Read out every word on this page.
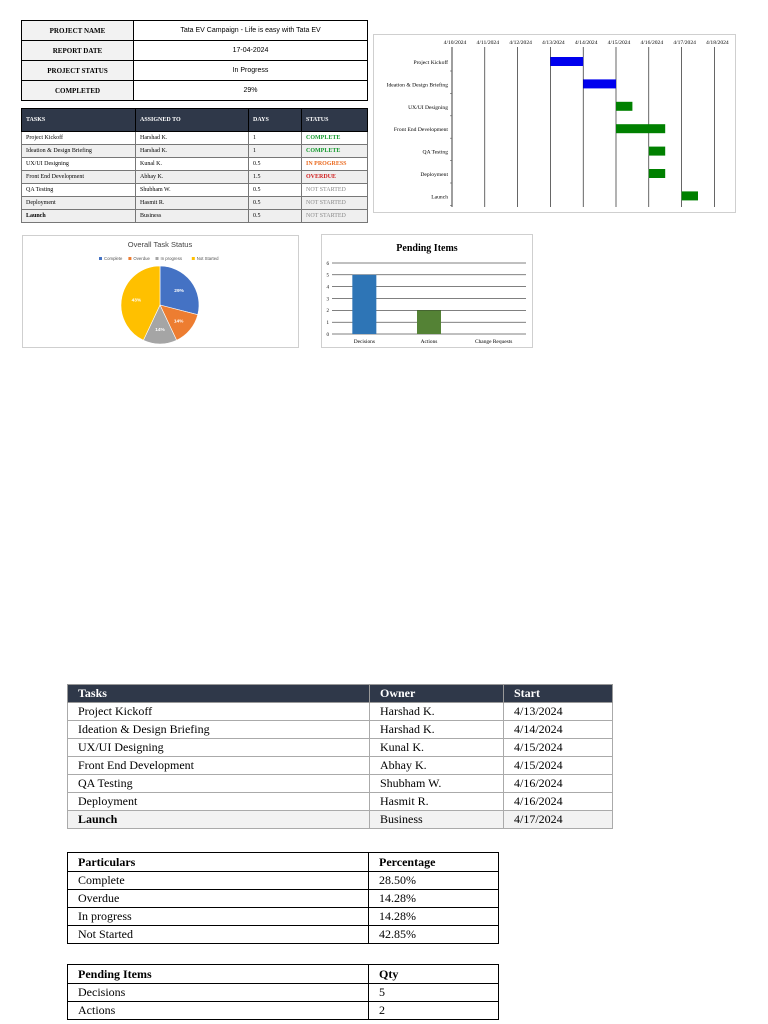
PROJECT NAME	Tata EV Campaign - Life is easy with Tata EV
REPORT DATE	17-04-2024
PROJECT STATUS	In Progress
COMPLETED	29%
TASKS	ASSIGNED TO	DAYS	STATUS
Project Kickoff	Harshad K.	1	COMPLETE
Ideation & Design Briefing	Harshad K.	1	COMPLETE
UX/UI Designing	Kunal K.	0.5	IN PROGRESS
Front End Development	Abhay K.	1.5	OVERDUE
QA Testing	Shubham W.	0.5	NOT STARTED
Deployment	Hasmit R.	0.5	NOT STARTED
Launch	Business	0.5	NOT STARTED
4/10/2024 4/11/2024 4/12/2024 4/13/2024 4/14/2024 4/15/2024 4/16/2024 4/17/2024 4/18/2024
Project Kickoff
Ideation & Design Briefing
UX/UI Designing
Front End Development
QA Testing
Deployment
Launch
Overall Task Status
Complete	Overdue In progress	Not Started
29%
14%
14%
43%
Pending Items
0
1
2
3
4
5
6
Decisions	Actions	Change Requests
Tasks	Owner	Start
Project Kickoff	Harshad K.	4/13/2024
Ideation & Design Briefing	Harshad K.	4/14/2024
UX/UI Designing	Kunal K.	4/15/2024
Front End Development	Abhay K.	4/15/2024
QA Testing	Shubham W.	4/16/2024
Deployment	Hasmit R.	4/16/2024
Launch	Business	4/17/2024
Particulars	Percentage
Complete	28.50%
Overdue	14.28%
In progress	14.28%
Not Started	42.85%
Pending Items	Qty
Decisions	5
Actions	2
